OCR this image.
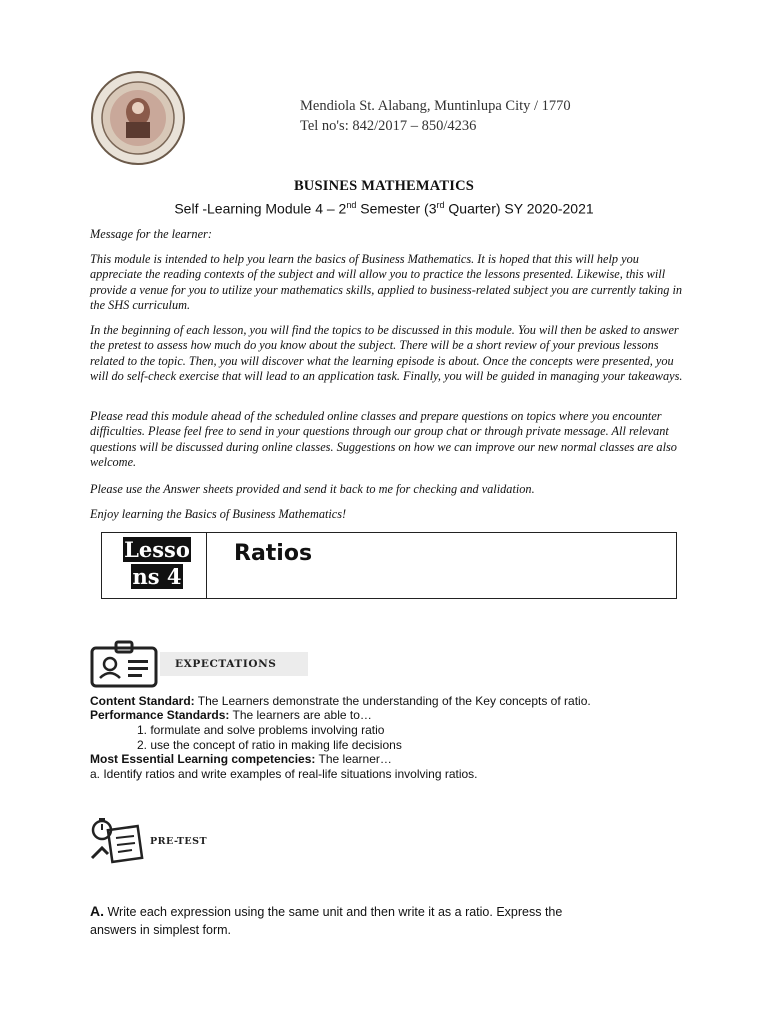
Mendiola St. Alabang, Muntinlupa City / 1770
Tel no's: 842/2017 – 850/4236
BUSINES MATHEMATICS
Self -Learning Module 4 – 2nd Semester (3rd Quarter) SY 2020-2021
Message for the learner:
This module is intended to help you learn the basics of Business Mathematics. It is hoped that this will help you appreciate the reading contexts of the subject and will allow you to practice the lessons presented. Likewise, this will provide a venue for you to utilize your mathematics skills, applied to business-related subject you are currently taking in the SHS curriculum.
In the beginning of each lesson, you will find the topics to be discussed in this module. You will then be asked to answer the pretest to assess how much do you know about the subject. There will be a short review of your previous lessons related to the topic. Then, you will discover what the learning episode is about. Once the concepts were presented, you will do self-check exercise that will lead to an application task. Finally, you will be guided in managing your takeaways.
Please read this module ahead of the scheduled online classes and prepare questions on topics where you encounter difficulties. Please feel free to send in your questions through our group chat or through private message. All relevant questions will be discussed during online classes. Suggestions on how we can improve our new normal classes are also welcome.
Please use the Answer sheets provided and send it back to me for checking and validation.
Enjoy learning the Basics of Business Mathematics!
Lesso
ns 4
Ratios
EXPECTATIONS
Content Standard: The Learners demonstrate the understanding of the Key concepts of ratio.
Performance Standards: The learners are able to…
1. formulate and solve problems involving ratio
2. use the concept of ratio in making life decisions
Most Essential Learning competencies: The learner…
a. Identify ratios and write examples of real-life situations involving ratios.
PRE-TEST
A. Write each expression using the same unit and then write it as a ratio. Express the answers in simplest form.
